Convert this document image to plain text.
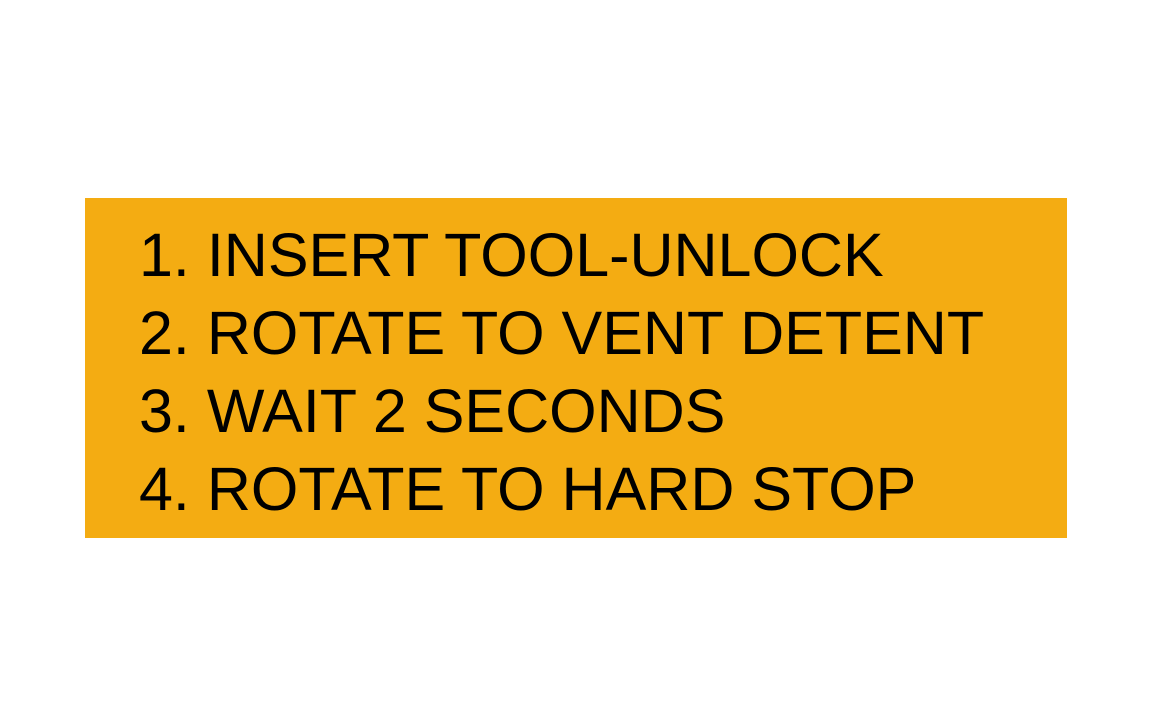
1. INSERT TOOL-UNLOCK
2. ROTATE TO VENT DETENT
3. WAIT 2 SECONDS
4. ROTATE TO HARD STOP
